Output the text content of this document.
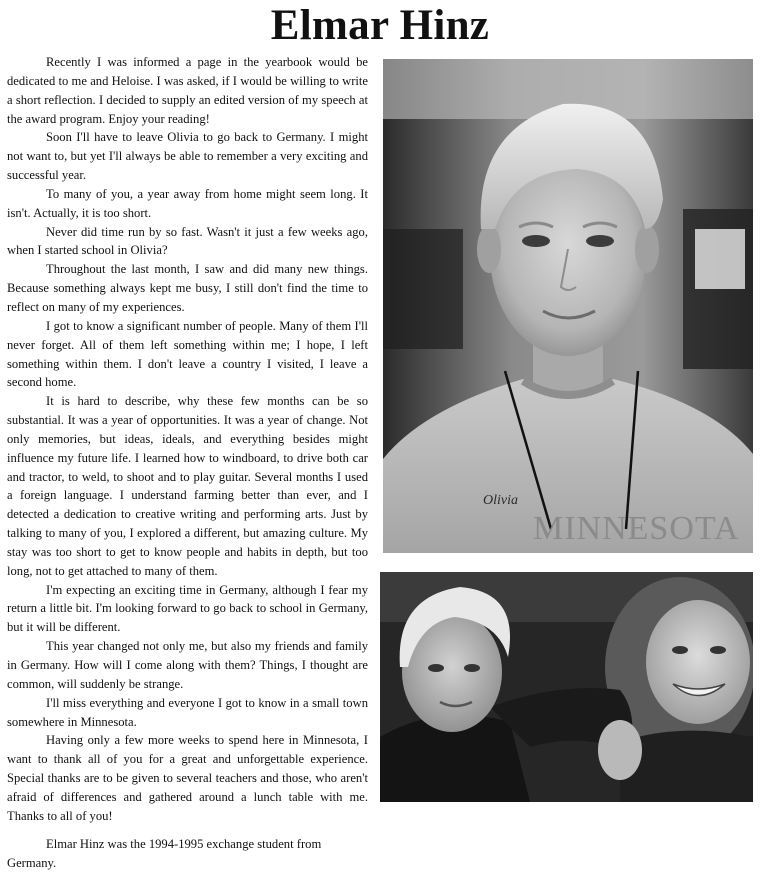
Elmar Hinz

Recently I was informed a page in the yearbook would be dedicated to me and Heloise. I was asked, if I would be willing to write a short reflection. I decided to supply an edited version of my speech at the award program. Enjoy your reading!

Soon I'll have to leave Olivia to go back to Germany. I might not want to, but yet I'll always be able to remember a very exciting and successful year.

To many of you, a year away from home might seem long. It isn't. Actually, it is too short.

Never did time run by so fast. Wasn't it just a few weeks ago, when I started school in Olivia?

Throughout the last month, I saw and did many new things. Because something always kept me busy, I still don't find the time to reflect on many of my experiences.

I got to know a significant number of people. Many of them I'll never forget. All of them left something within me; I hope, I left something within them. I don't leave a country I visited, I leave a second home.

It is hard to describe, why these few months can be so substantial. It was a year of opportunities. It was a year of change. Not only memories, but ideas, ideals, and everything besides might influence my future life. I learned how to windboard, to drive both car and tractor, to weld, to shoot and to play guitar. Several months I used a foreign language. I understand farming better than ever, and I detected a dedication to creative writing and performing arts. Just by talking to many of you, I explored a different, but amazing culture. My stay was too short to get to know people and habits in depth, but too long, not to get attached to many of them.

I'm expecting an exciting time in Germany, although I fear my return a little bit. I'm looking forward to go back to school in Germany, but it will be different.

This year changed not only me, but also my friends and family in Germany. How will I come along with them? Things, I thought are common, will suddenly be strange.

I'll miss everything and everyone I got to know in a small town somewhere in Minnesota.

Having only a few more weeks to spend here in Minnesota, I want to thank all of you for a great and unforgettable experience. Special thanks are to be given to several teachers and those, who aren't afraid of differences and gathered around a lunch table with me. Thanks to all of you!

Elmar Hinz was the 1994-1995 exchange student from Germany.

Olivia
MINNESOTA
